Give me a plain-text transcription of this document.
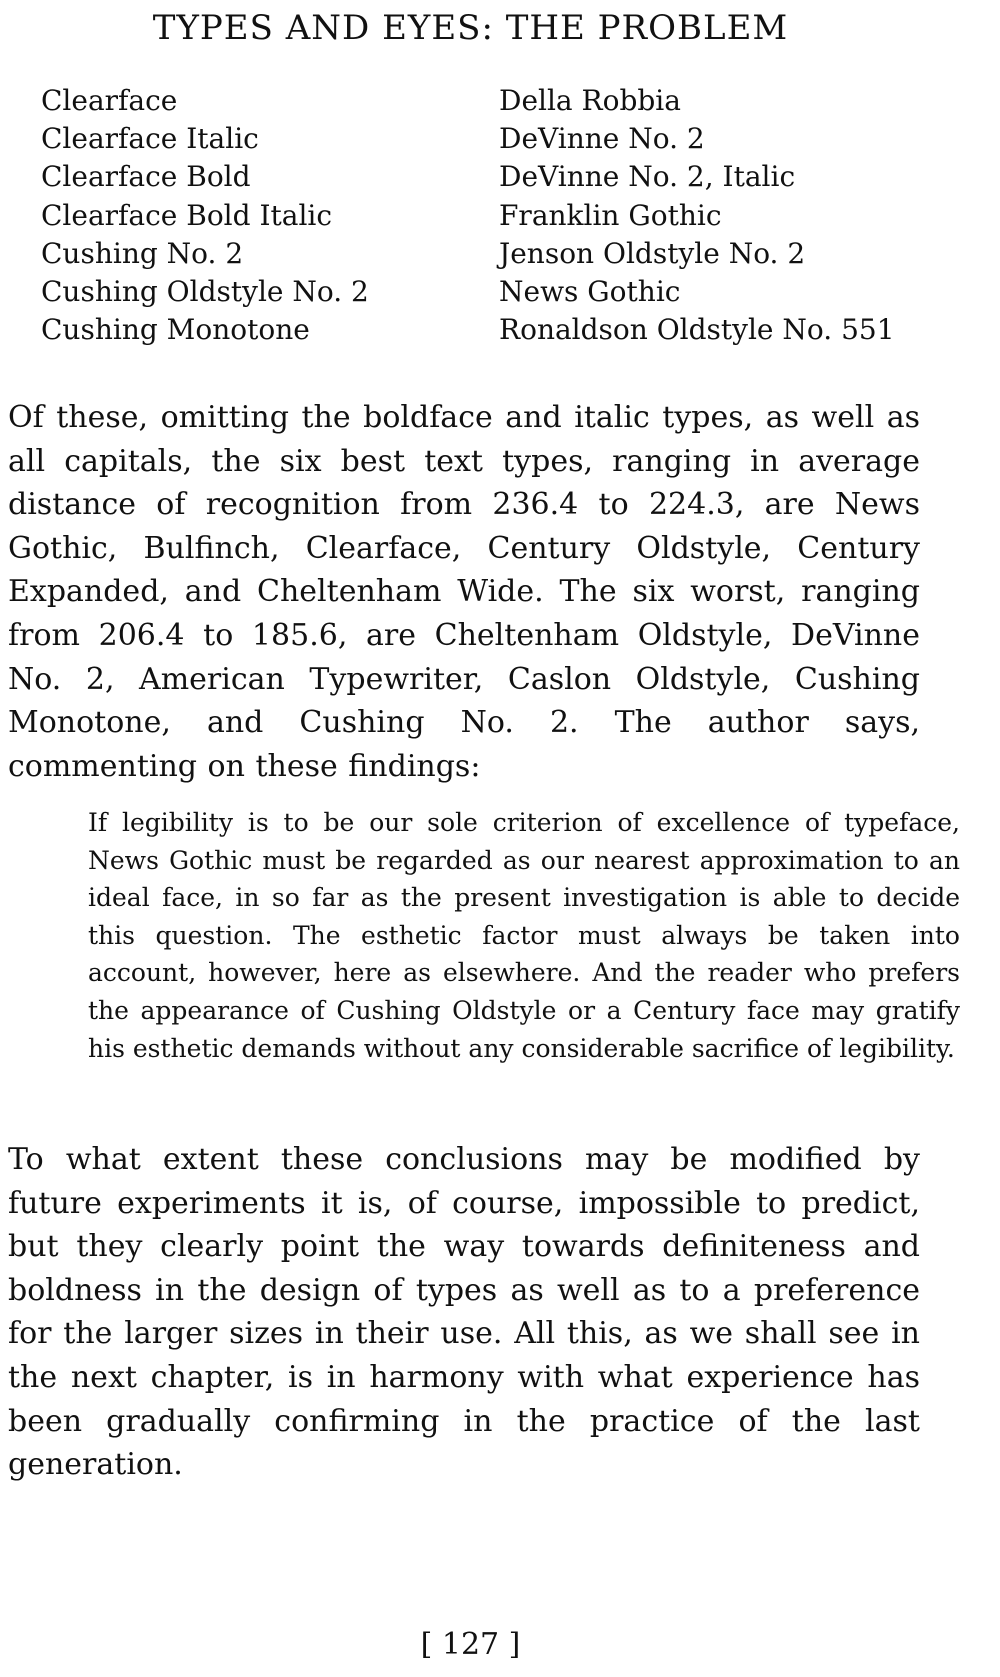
TYPES AND EYES: THE PROBLEM
Clearface
Clearface Italic
Clearface Bold
Clearface Bold Italic
Cushing No. 2
Cushing Oldstyle No. 2
Cushing Monotone
Della Robbia
DeVinne No. 2
DeVinne No. 2, Italic
Franklin Gothic
Jenson Oldstyle No. 2
News Gothic
Ronaldson Oldstyle No. 551

Of these, omitting the boldface and italic types, as well as all capitals, the six best text types, ranging in average distance of recognition from 236.4 to 224.3, are News Gothic, Bulfinch, Clearface, Century Oldstyle, Century Expanded, and Cheltenham Wide. The six worst, ranging from 206.4 to 185.6, are Cheltenham Oldstyle, DeVinne No. 2, American Typewriter, Caslon Oldstyle, Cushing Monotone, and Cushing No. 2. The author says, commenting on these findings:

If legibility is to be our sole criterion of excellence of typeface, News Gothic must be regarded as our nearest approximation to an ideal face, in so far as the present investigation is able to decide this question. The esthetic factor must always be taken into account, however, here as elsewhere. And the reader who prefers the appearance of Cushing Oldstyle or a Century face may gratify his esthetic demands without any considerable sacrifice of legibility.

To what extent these conclusions may be modified by future experiments it is, of course, impossible to predict, but they clearly point the way towards definiteness and boldness in the design of types as well as to a preference for the larger sizes in their use. All this, as we shall see in the next chapter, is in harmony with what experience has been gradually confirming in the practice of the last generation.

[ 127 ]
